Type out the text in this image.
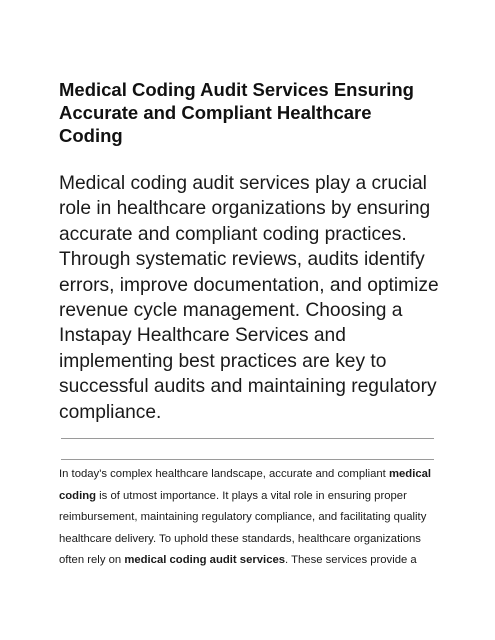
Medical Coding Audit Services Ensuring Accurate and Compliant Healthcare Coding

Medical coding audit services play a crucial role in healthcare organizations by ensuring accurate and compliant coding practices. Through systematic reviews, audits identify errors, improve documentation, and optimize revenue cycle management. Choosing a Instapay Healthcare Services and implementing best practices are key to successful audits and maintaining regulatory compliance.

In today's complex healthcare landscape, accurate and compliant medical coding is of utmost importance. It plays a vital role in ensuring proper reimbursement, maintaining regulatory compliance, and facilitating quality healthcare delivery. To uphold these standards, healthcare organizations often rely on medical coding audit services. These services provide a
